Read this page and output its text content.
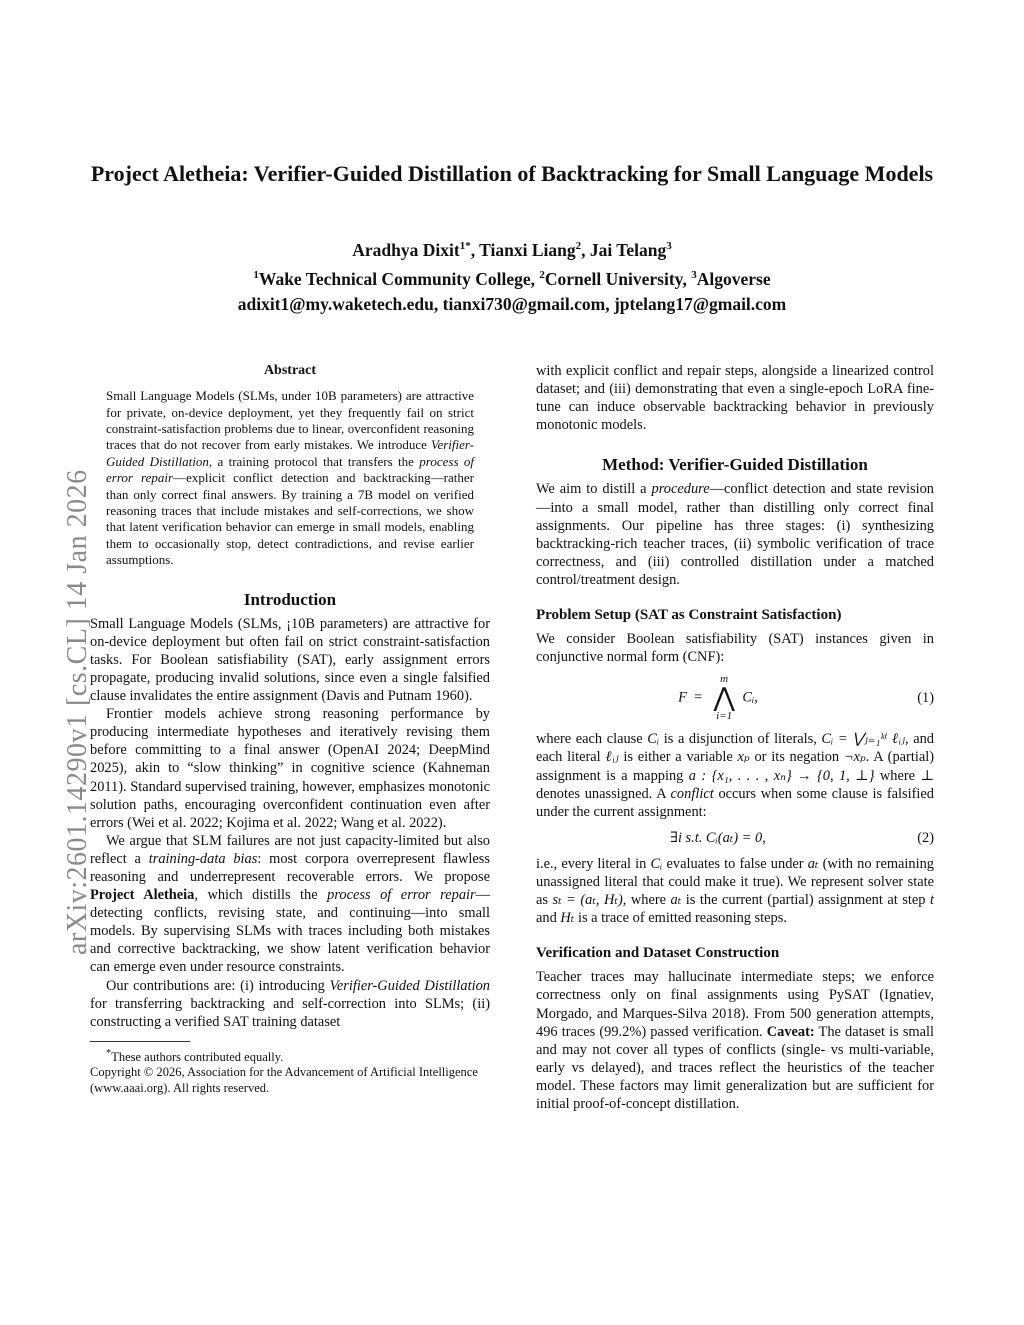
arXiv:2601.14290v1 [cs.CL] 14 Jan 2026
Project Aletheia: Verifier-Guided Distillation of Backtracking for Small Language Models
Aradhya Dixit$^{1*}$, Tianxi Liang$^2$, Jai Telang$^3$
$^1$Wake Technical Community College, $^2$Cornell University, $^3$Algoverse
adixit1@my.waketech.edu, tianxi730@gmail.com, jptelang17@gmail.com
Abstract

Small Language Models (SLMs, under 10B parameters) are attractive for private, on-device deployment, yet they frequently fail on strict constraint-satisfaction problems due to linear, overconfident reasoning traces that do not recover from early mistakes. We introduce Verifier-Guided Distillation, a training protocol that transfers the process of error repair—explicit conflict detection and backtracking—rather than only correct final answers. By training a 7B model on verified reasoning traces that include mistakes and self-corrections, we show that latent verification behavior can emerge in small models, enabling them to occasionally stop, detect contradictions, and revise earlier assumptions.

Introduction

Small Language Models (SLMs, ¡10B parameters) are attractive for on-device deployment but often fail on strict constraint-satisfaction tasks. For Boolean satisfiability (SAT), early assignment errors propagate, producing invalid solutions, since even a single falsified clause invalidates the entire assignment (Davis and Putnam 1960).

Frontier models achieve strong reasoning performance by producing intermediate hypotheses and iteratively revising them before committing to a final answer (OpenAI 2024; DeepMind 2025), akin to “slow thinking” in cognitive science (Kahneman 2011). Standard supervised training, however, emphasizes monotonic solution paths, encouraging overconfident continuation even after errors (Wei et al. 2022; Kojima et al. 2022; Wang et al. 2022).

We argue that SLM failures are not just capacity-limited but also reflect a training-data bias: most corpora overrepresent flawless reasoning and underrepresent recoverable errors. We propose Project Aletheia, which distills the process of error repair—detecting conflicts, revising state, and continuing—into small models. By supervising SLMs with traces including both mistakes and corrective backtracking, we show latent verification behavior can emerge even under resource constraints.

Our contributions are: (i) introducing Verifier-Guided Distillation for transferring backtracking and self-correction into SLMs; (ii) constructing a verified SAT training dataset

*These authors contributed equally.
Copyright © 2026, Association for the Advancement of Artificial Intelligence (www.aaai.org). All rights reserved.

with explicit conflict and repair steps, alongside a linearized control dataset; and (iii) demonstrating that even a single-epoch LoRA fine-tune can induce observable backtracking behavior in previously monotonic models.

Method: Verifier-Guided Distillation

We aim to distill a procedure—conflict detection and state revision—into a small model, rather than distilling only correct final assignments. Our pipeline has three stages: (i) synthesizing backtracking-rich teacher traces, (ii) symbolic verification of trace correctness, and (iii) controlled distillation under a matched control/treatment design.

Problem Setup (SAT as Constraint Satisfaction)

We consider Boolean satisfiability (SAT) instances given in conjunctive normal form (CNF):

F =
m
⋀
i=1
Cᵢ,	(1)

where each clause Cᵢ is a disjunction of literals, Cᵢ = ⋁ⱼ₌₁ᵏⁱ ℓᵢⱼ, and each literal ℓᵢⱼ is either a variable xₚ or its negation ¬xₚ. A (partial) assignment is a mapping a : {x₁, . . . , xₙ} → {0, 1, ⊥} where ⊥ denotes unassigned. A conflict occurs when some clause is falsified under the current assignment:

∃i s.t. Cᵢ(aₜ) = 0,	(2)

i.e., every literal in Cᵢ evaluates to false under aₜ (with no remaining unassigned literal that could make it true). We represent solver state as sₜ = (aₜ, Hₜ), where aₜ is the current (partial) assignment at step t and Hₜ is a trace of emitted reasoning steps.

Verification and Dataset Construction

Teacher traces may hallucinate intermediate steps; we enforce correctness only on final assignments using PySAT (Ignatiev, Morgado, and Marques-Silva 2018). From 500 generation attempts, 496 traces (99.2%) passed verification. Caveat: The dataset is small and may not cover all types of conflicts (single- vs multi-variable, early vs delayed), and traces reflect the heuristics of the teacher model. These factors may limit generalization but are sufficient for initial proof-of-concept distillation.
